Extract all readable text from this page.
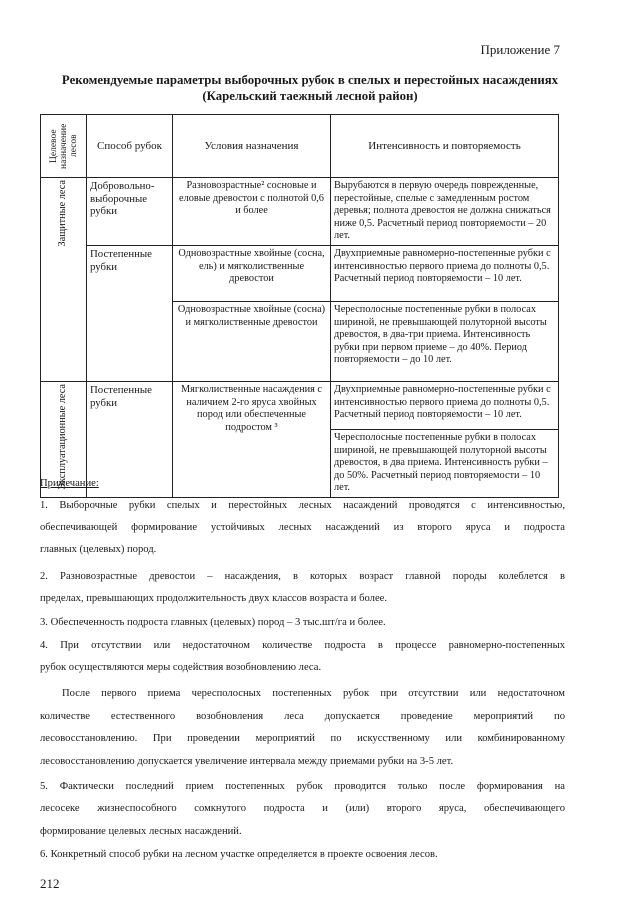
Приложение 7
Рекомендуемые параметры выборочных рубок в спелых и перестойных насаждениях
(Карельский таежный лесной район)
Целевое назначение лесов	Способ рубок	Условия назначения	Интенсивность и повторяемость

Защитные леса	Добровольно-выборочные рубки	Разновозрастные² сосновые и еловые древостои с полнотой 0,6 и более	Вырубаются в первую очередь поврежденные, перестойные, спелые с замедленным ростом деревья; полнота древостоя не должна снижаться ниже 0,5. Расчетный период повторяемости – 20 лет.
	Постепенные рубки	Одновозрастные хвойные (сосна, ель) и мягколиственные древостои	Двухприемные равномерно-постепенные рубки с интенсивностью первого приема до полноты 0,5. Расчетный период повторяемости – 10 лет.
		Одновозрастные хвойные (сосна) и мягколиственные древостои	Чересполосные постепенные рубки в полосах шириной, не превышающей полуторной высоты древостоя, в два-три приема. Интенсивность рубки при первом приеме – до 40%. Период повторяемости – до 10 лет.

Эксплуатационные леса	Постепенные рубки	Мягколиственные насаждения с наличием 2-го яруса хвойных пород или обеспеченные подростом ³	Двухприемные равномерно-постепенные рубки с интенсивностью первого приема до полноты 0,5. Расчетный период повторяемости – 10 лет.
			Чересполосные постепенные рубки в полосах шириной, не превышающей полуторной высоты древостоя, в два приема. Интенсивность рубки – до 50%. Расчетный период повторяемости – 10 лет.
Примечание:
1. Выборочные рубки спелых и перестойных лесных насаждений проводятся с интенсивностью,
обеспечивающей формирование устойчивых лесных насаждений из второго яруса и подроста
главных (целевых) пород.
2. Разновозрастные древостои – насаждения, в которых возраст главной породы колеблется в
пределах, превышающих продолжительность двух классов возраста и более.
3. Обеспеченность подроста главных (целевых) пород – 3 тыс.шт/га и более.
4. При отсутствии или недостаточном количестве подроста в процессе равномерно-постепенных
рубок осуществляются меры содействия возобновлению леса.
После первого приема чересполосных постепенных рубок при отсутствии или недостаточном
количестве естественного возобновления леса допускается проведение мероприятий по
лесовосстановлению. При проведении мероприятий по искусственному или комбинированному
лесовосстановлению допускается увеличение интервала между приемами рубки на 3-5 лет.
5. Фактически последний прием постепенных рубок проводится только после формирования на
лесосеке жизнеспособного сомкнутого подроста и (или) второго яруса, обеспечивающего
формирование целевых лесных насаждений.
6. Конкретный способ рубки на лесном участке определяется в проекте освоения лесов.
212
